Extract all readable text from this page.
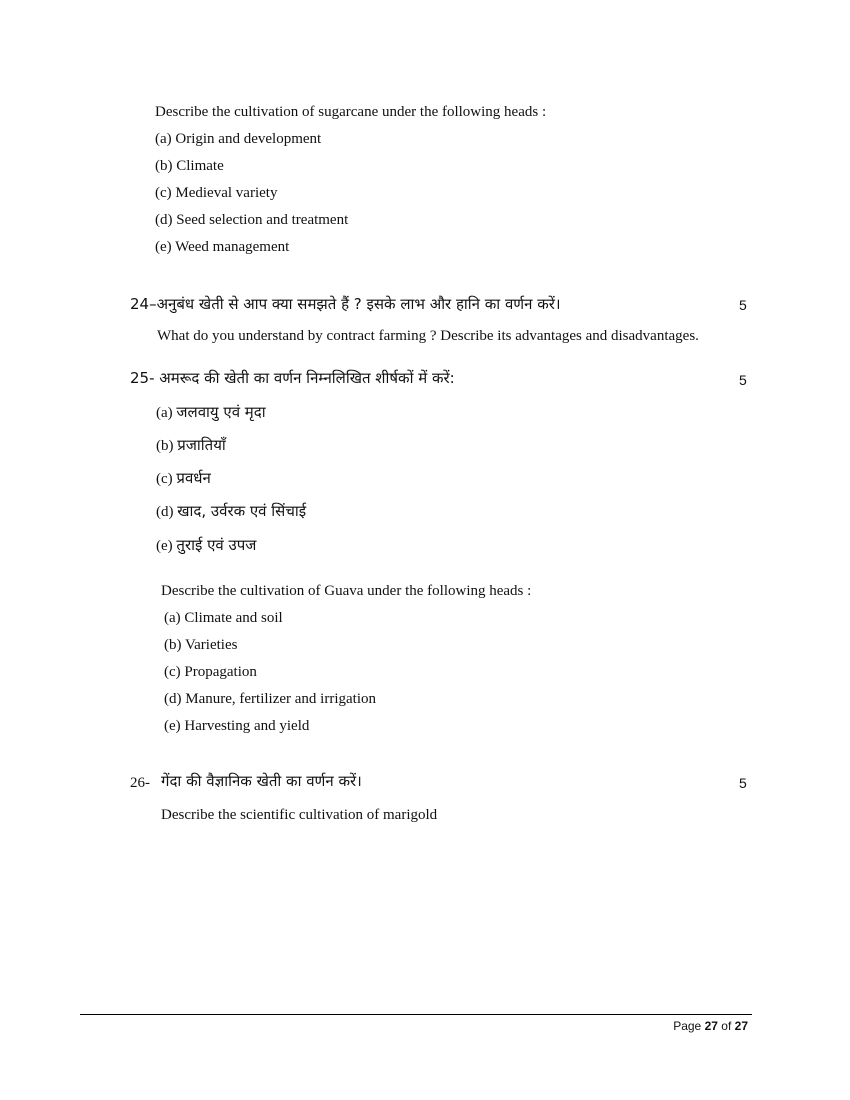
Describe the cultivation of sugarcane under the following heads :
(a) Origin and development
(b) Climate
(c) Medieval variety
(d) Seed selection and treatment
(e) Weed management
24–अनुबंध खेती से आप क्या समझते हैं ? इसके लाभ और हानि का वर्णन करें।	5
What do you understand by contract farming ? Describe its advantages and disadvantages.
25- अमरूद की खेती का वर्णन निम्नलिखित शीर्षकों में करें:	5
(a) जलवायु एवं मृदा
(b) प्रजातियाँ
(c) प्रवर्धन
(d) खाद, उर्वरक एवं सिंचाई
(e) तुराई एवं उपज
Describe the cultivation of Guava under the following heads :
(a) Climate and soil
(b) Varieties
(c) Propagation
(d) Manure, fertilizer and irrigation
(e) Harvesting and yield
26- गेंदा की वैज्ञानिक खेती का वर्णन करें।	5
Describe the scientific cultivation of marigold
Page 27 of 27
